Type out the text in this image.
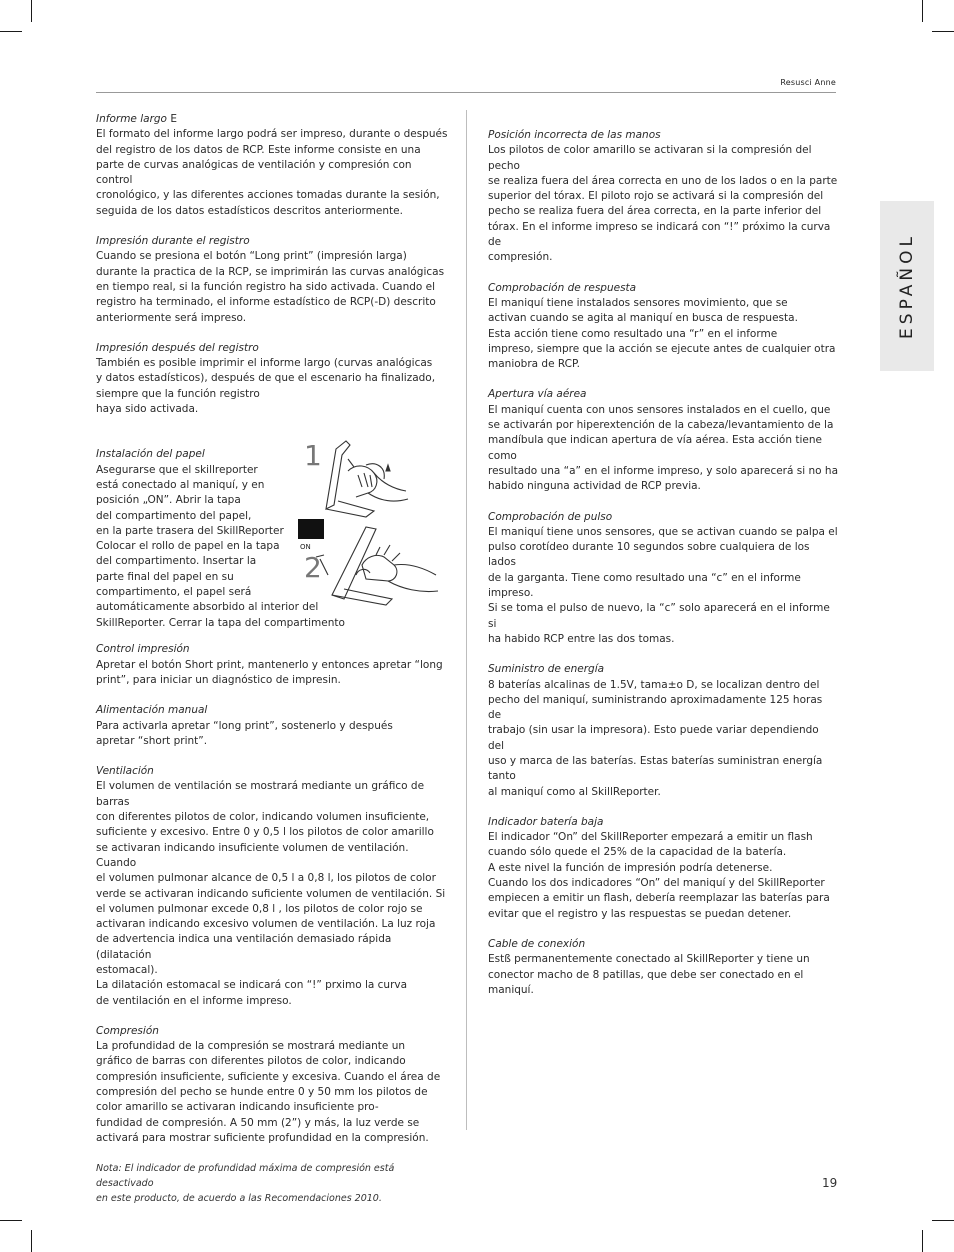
Resusci Anne
ESPAÑOL
Informe largo E
El formato del informe largo podrá ser impreso, durante o después
del registro de los datos de RCP. Este informe consiste en una
parte de curvas analógicas de ventilación y compresión con control
cronológico, y las diferentes acciones tomadas durante la sesión,
seguida de los datos estadísticos descritos anteriormente.
Impresión durante el registro
Cuando se presiona el botón “Long print” (impresión larga)
durante la practica de la RCP, se imprimirán las curvas analógicas
en tiempo real, si la función registro ha sido activada. Cuando el
registro ha terminado, el informe estadístico de RCP(-D) descrito
anteriormente será impreso.
Impresión después del registro
También es posible imprimir el informe largo (curvas analógicas
y datos estadísticos), después de que el escenario ha finalizado,
siempre que la función registro
haya sido activada.
Instalación del papel
Asegurarse que el skillreporter
está conectado al maniquí, y en
posición „ON”. Abrir la tapa
del compartimento del papel,
en la parte trasera del SkillReporter
Colocar el rollo de papel en la tapa
del compartimento. Insertar la
parte final del papel en su
compartimento, el papel será
automáticamente absorbido al interior del
SkillReporter. Cerrar la tapa del compartimento
1
2
ON
Control impresión
Apretar el botón Short print, mantenerlo y entonces apretar “long
print”, para iniciar un diagnóstico de impresin.
Alimentación manual
Para activarla apretar “long print”, sostenerlo y después
apretar “short print”.
Ventilación
El volumen de ventilación se mostrará mediante un gráfico de barras
con diferentes pilotos de color, indicando volumen insuficiente,
suficiente y excesivo. Entre 0 y 0,5 l los pilotos de color amarillo
se activaran indicando insuficiente volumen de ventilación. Cuando
el volumen pulmonar alcance de 0,5 l a 0,8 l, los pilotos de color
verde se activaran indicando suficiente volumen de ventilación. Si
el volumen pulmonar excede 0,8 l , los pilotos de color rojo se
activaran indicando excesivo volumen de ventilación. La luz roja
de advertencia indica una ventilación demasiado rápida (dilatación
estomacal).
La dilatación estomacal se indicará con “!” prximo la curva
de ventilación en el informe impreso.
Compresión
La profundidad de la compresión se mostrará mediante un
gráfico de barras con diferentes pilotos de color, indicando
compresión insuficiente, suficiente y excesiva. Cuando el área de
compresión del pecho se hunde entre 0 y 50 mm los pilotos de
color amarillo se activaran indicando insuficiente pro-
fundidad de compresión. A 50 mm (2”) y más, la luz verde se
activará para mostrar suficiente profundidad en la compresión.
Nota: El indicador de profundidad máxima de compresión está desactivado
en este producto, de acuerdo a las Recomendaciones 2010.
Posición incorrecta de las manos
Los pilotos de color amarillo se activaran si la compresión del pecho
se realiza fuera del área correcta en uno de los lados o en la parte
superior del tórax. El piloto rojo se activará si la compresión del
pecho se realiza fuera del área correcta, en la parte inferior del
tórax. En el informe impreso se indicará con “!” próximo la curva de
compresión.
Comprobación de respuesta
El maniquí tiene instalados sensores movimiento, que se
activan cuando se agita al maniquí en busca de respuesta.
Esta acción tiene como resultado una “r” en el informe
impreso, siempre que la acción se ejecute antes de cualquier otra
maniobra de RCP.
Apertura vía aérea
El maniquí cuenta con unos sensores instalados en el cuello, que
se activarán por hiperextención de la cabeza/levantamiento de la
mandíbula que indican apertura de vía aérea. Esta acción tiene como
resultado una “a” en el informe impreso, y solo aparecerá si no ha
habido ninguna actividad de RCP previa.
Comprobación de pulso
El maniquí tiene unos sensores, que se activan cuando se palpa el
pulso corotídeo durante 10 segundos sobre cualquiera de los lados
de la garganta. Tiene como resultado una “c” en el informe impreso.
Si se toma el pulso de nuevo, la “c” solo aparecerá en el informe si
ha habido RCP entre las dos tomas.
Suministro de energía
8 baterías alcalinas de 1.5V, tama±o D, se localizan dentro del
pecho del maniquí, suministrando aproximadamente 125 horas de
trabajo (sin usar la impresora). Esto puede variar dependiendo del
uso y marca de las baterías. Estas baterías suministran energía tanto
al maniquí como al SkillReporter.
Indicador batería baja
El indicador “On” del SkillReporter empezará a emitir un flash
cuando sólo quede el 25% de la capacidad de la batería.
A este nivel la función de impresión podría detenerse.
Cuando los dos indicadores “On” del maniquí y del SkillReporter
empiecen a emitir un flash, debería reemplazar las baterías para
evitar que el registro y las respuestas se puedan detener.
Cable de conexión
Estß permanentemente conectado al SkillReporter y tiene un
conector macho de 8 patillas, que debe ser conectado en el
maniquí.
19
